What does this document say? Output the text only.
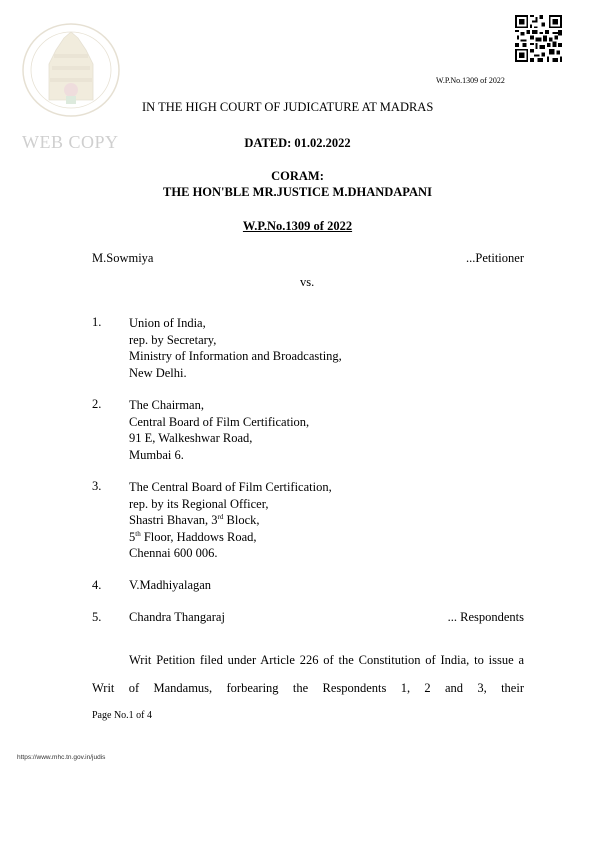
WEB COPY
W.P.No.1309 of 2022
IN THE HIGH COURT OF JUDICATURE AT MADRAS
DATED: 01.02.2022
CORAM:
THE HON'BLE MR.JUSTICE M.DHANDAPANI
W.P.No.1309 of 2022
M.Sowmiya	...Petitioner
vs.
1. Union of India,
rep. by Secretary,
Ministry of Information and Broadcasting,
New Delhi.
2. The Chairman,
Central Board of Film Certification,
91 E, Walkeshwar Road,
Mumbai 6.
3. The Central Board of Film Certification,
rep. by its Regional Officer,
Shastri Bhavan, 3rd Block,
5th Floor, Haddows Road,
Chennai 600 006.
4. V.Madhiyalagan
5. Chandra Thangaraj	... Respondents
Writ Petition filed under Article 226 of the Constitution of India, to issue a Writ of Mandamus, forbearing the Respondents 1, 2 and 3, their
Page No.1 of 4
https://www.mhc.tn.gov.in/judis
